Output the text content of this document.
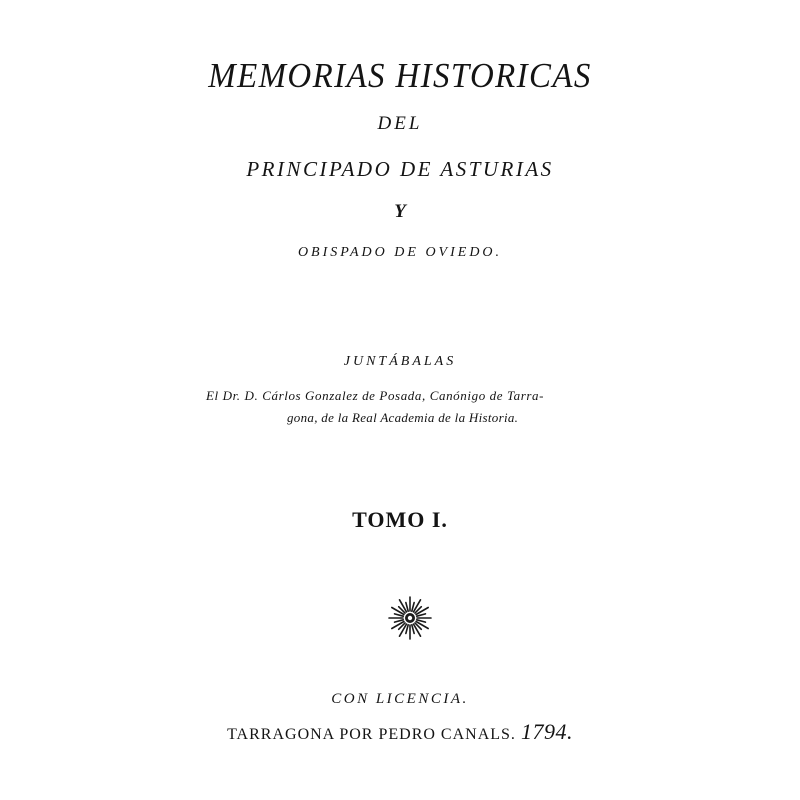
MEMORIAS HISTORICAS
DEL
PRINCIPADO DE ASTURIAS
Y
OBISPADO DE OVIEDO.
JUNTÁBALAS
El Dr. D. Cárlos Gonzalez de Posada, Canónigo de Tarra-
gona, de la Real Academia de la Historia.
TOMO I.
CON LICENCIA.
TARRAGONA POR PEDRO CANALS. 1794.
